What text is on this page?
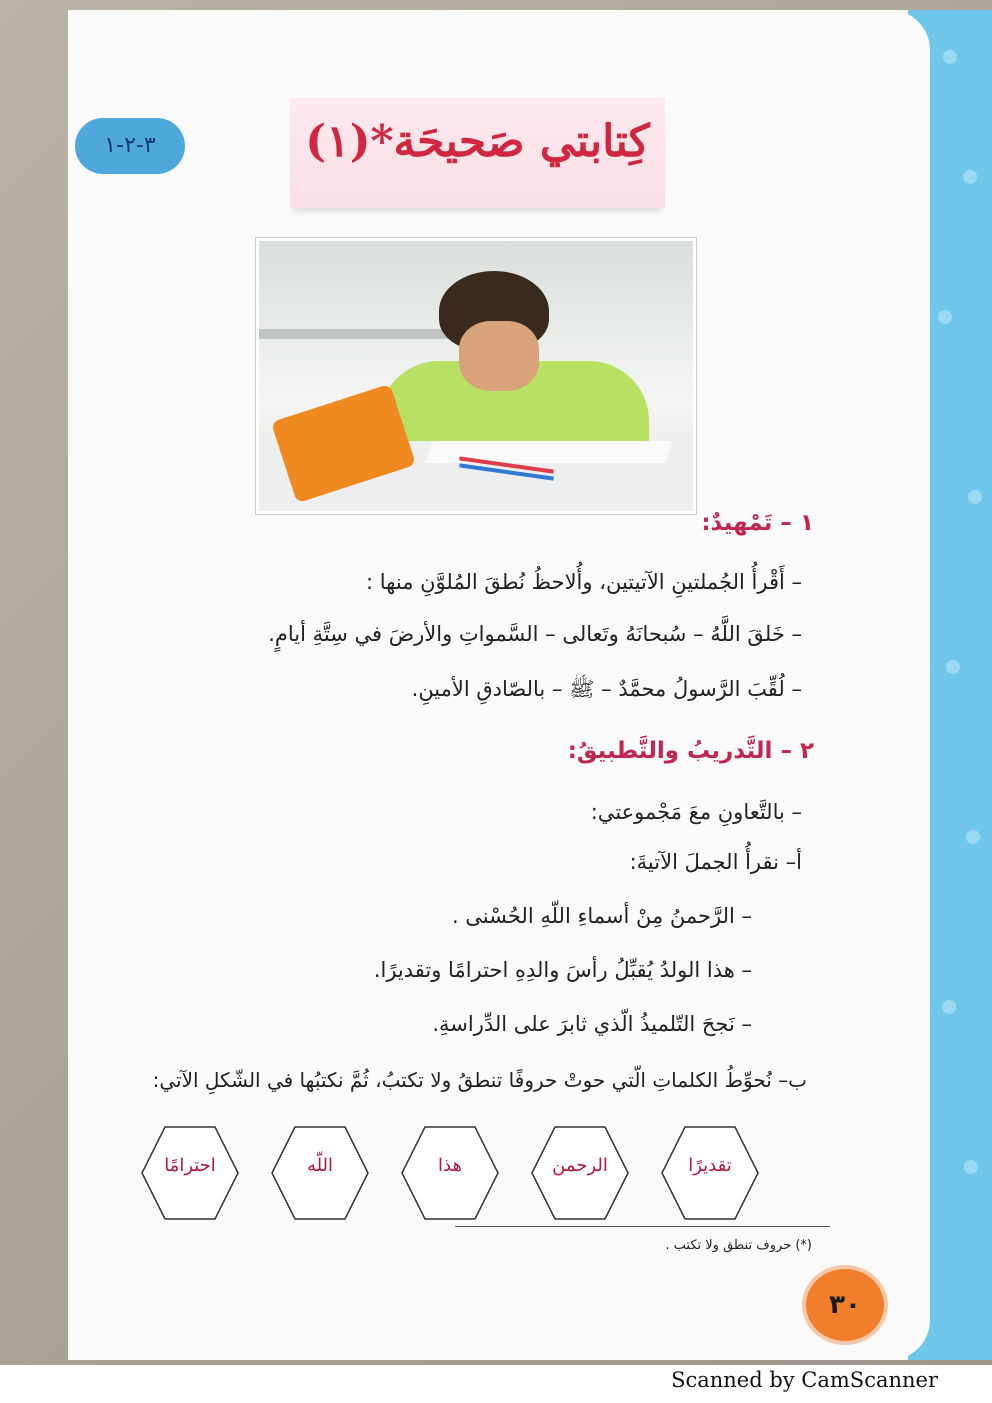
٣-٢-١	كِتابتي صَحيحَة*(١)
١ – تَمْهيدٌ:
– أَقْرأُ الجُملتينِ الآتيتين، وأُلاحظُ نُطقَ المُلوَّنِ منها :
– خَلقَ اللَّهُ – سُبحانَهُ وتَعالى – السَّمواتِ والأرضَ في سِتَّةِ أيامٍ.
– لُقِّبَ الرَّسولُ محمَّدٌ – ﷺ – بالصّادقِ الأمينِ.
٢ – التَّدريبُ والتَّطبيقُ:
– بالتَّعاونِ معَ مَجْموعتي:
أ– نقرأُ الجملَ الآتيةَ:
– الرَّحمنُ مِنْ أسماءِ اللّهِ الحُسْنى .
– هذا الولدُ يُقبِّلُ رأسَ والدِهِ احترامًا وتقديرًا.
– نَجحَ التّلميذُ الّذي ثابرَ على الدِّراسةِ.
ب– نُحوِّطُ الكلماتِ الّتي حوتْ حروفًا تنطقُ ولا تكتبُ، ثُمَّ نكتبُها في الشّكلِ الآتي:
احترامًا	اللّه	هذا	الرحمن	تقديرًا
(*) حروف تنطق ولا تكتب .
٣٠
Scanned by CamScanner
